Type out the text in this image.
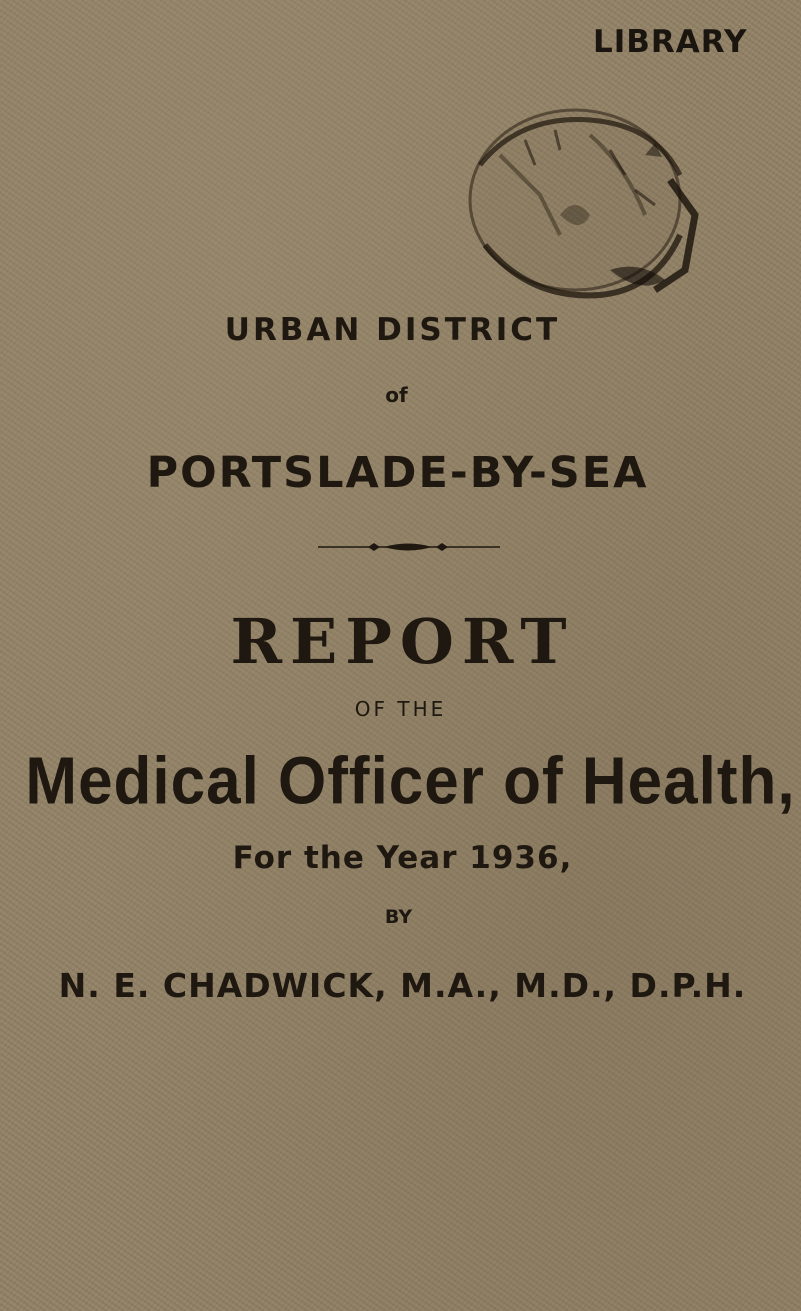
LIBRARY
URBAN DISTRICT
of
PORTSLADE-BY-SEA
REPORT
OF THE
Medical Officer of Health,
For the Year 1936,
BY
N. E. CHADWICK, M.A., M.D., D.P.H.
